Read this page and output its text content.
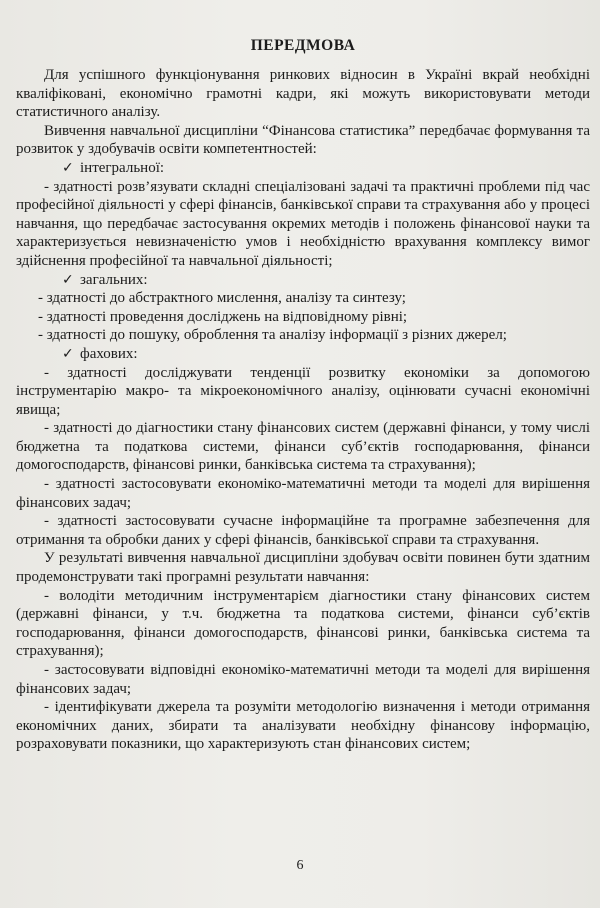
ПЕРЕДМОВА

Для успішного функціонування ринкових відносин в Україні вкрай необхідні кваліфіковані, економічно грамотні кадри, які можуть використовувати методи статистичного аналізу.

Вивчення навчальної дисципліни “Фінансова статистика” передбачає формування та розвиток у здобувачів освіти компетентностей:

✓ інтегральної:

- здатності розв’язувати складні спеціалізовані задачі та практичні проблеми під час професійної діяльності у сфері фінансів, банківської справи та страхування або у процесі навчання, що передбачає застосування окремих методів і положень фінансової науки та характеризується невизначеністю умов і необхідністю врахування комплексу вимог здійснення професійної та навчальної діяльності;

✓ загальних:

- здатності до абстрактного мислення, аналізу та синтезу;

- здатності проведення досліджень на відповідному рівні;

- здатності до пошуку, оброблення та аналізу інформації з різних джерел;

✓ фахових:

- здатності досліджувати тенденції розвитку економіки за допомогою інструментарію макро- та мікроекономічного аналізу, оцінювати сучасні економічні явища;

- здатності до діагностики стану фінансових систем (державні фінанси, у тому числі бюджетна та податкова системи, фінанси суб’єктів господарювання, фінанси домогосподарств, фінансові ринки, банківська система та страхування);

- здатності застосовувати економіко-математичні методи та моделі для вирішення фінансових задач;

- здатності застосовувати сучасне інформаційне та програмне забезпечення для отримання та обробки даних у сфері фінансів, банківської справи та страхування.

У результаті вивчення навчальної дисципліни здобувач освіти повинен бути здатним продемонструвати такі програмні результати навчання:

- володіти методичним інструментарієм діагностики стану фінансових систем (державні фінанси, у т.ч. бюджетна та податкова системи, фінанси суб’єктів господарювання, фінанси домогосподарств, фінансові ринки, банківська система та страхування);

- застосовувати відповідні економіко-математичні методи та моделі для вирішення фінансових задач;

- ідентифікувати джерела та розуміти методологію визначення і методи отримання економічних даних, збирати та аналізувати необхідну фінансову інформацію, розраховувати показники, що характеризують стан фінансових систем;

6
